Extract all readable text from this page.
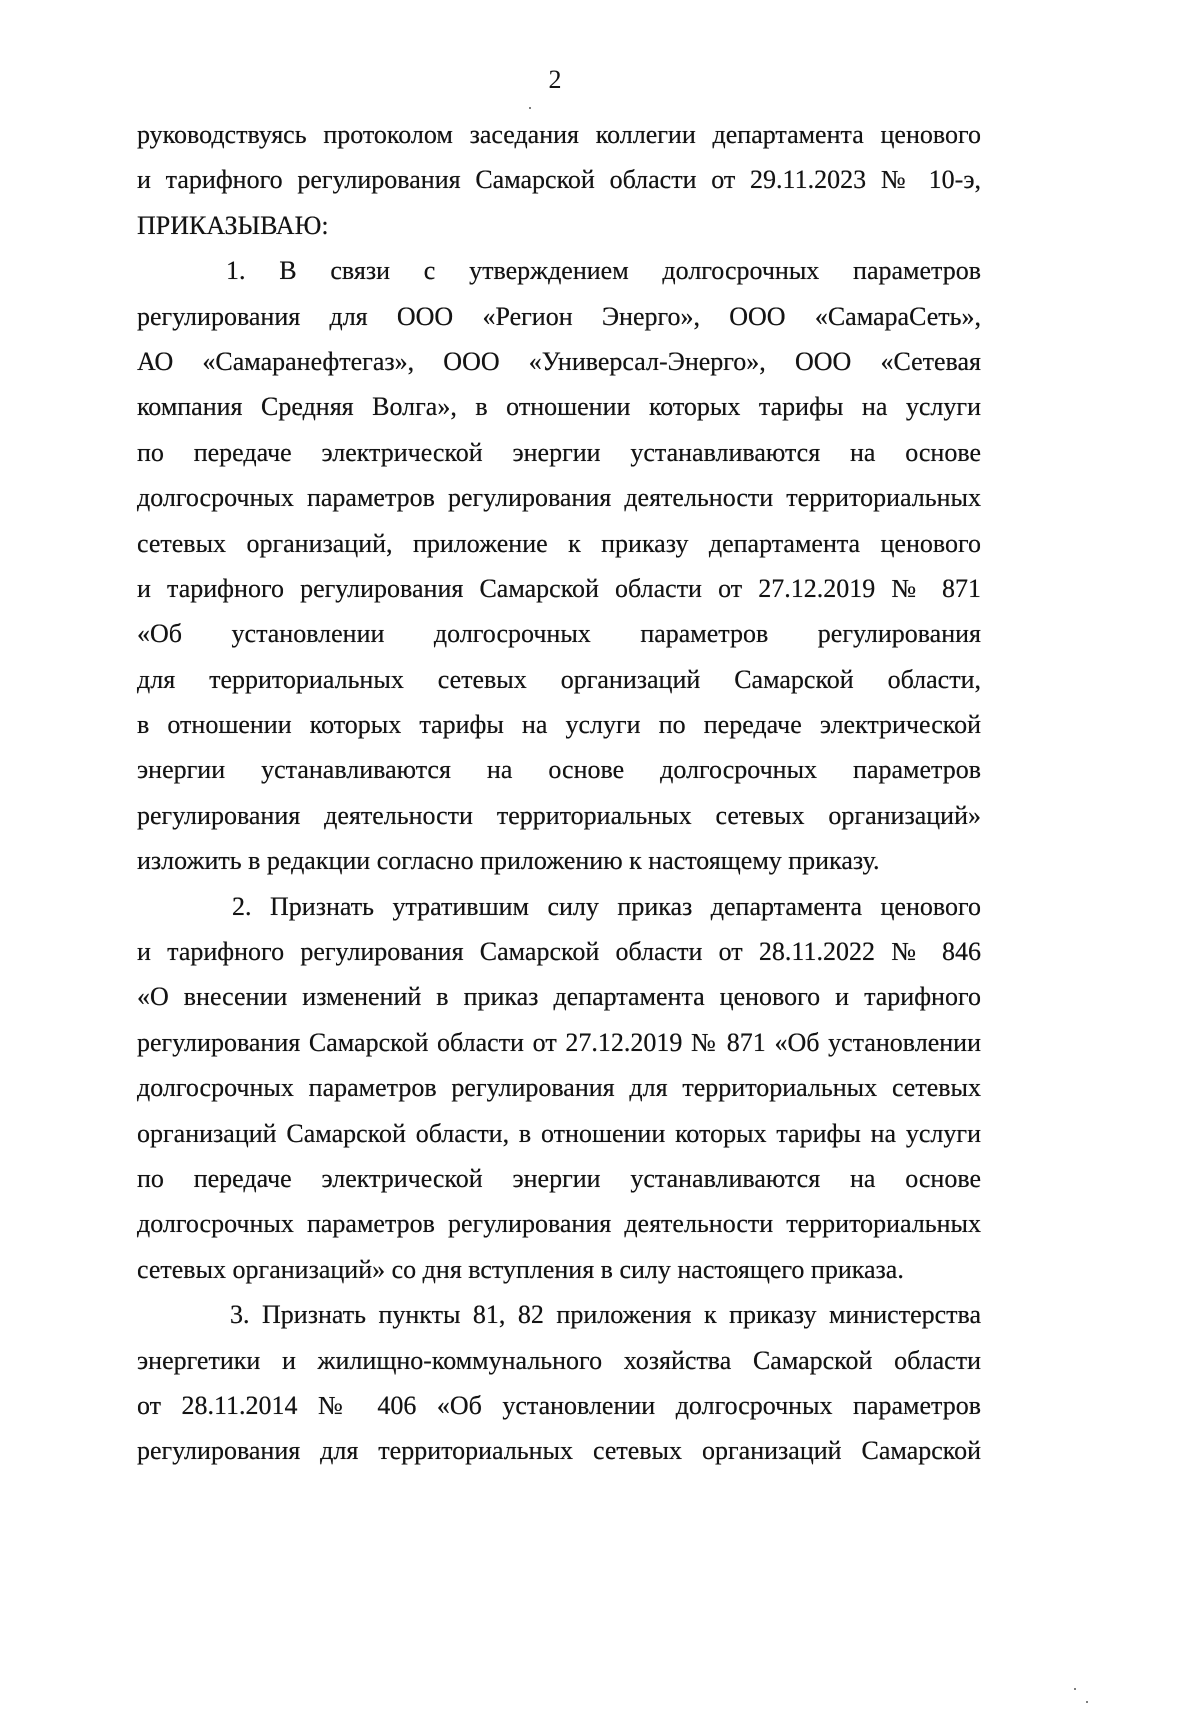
2
руководствуясь протоколом заседания коллегии департамента ценового
и тарифного регулирования Самарской области от 29.11.2023 № 10-э,
ПРИКАЗЫВАЮ:
1. В связи с утверждением долгосрочных параметров
регулирования для ООО «Регион Энерго», ООО «СамараСеть»,
АО «Самаранефтегаз», ООО «Универсал-Энерго», ООО «Сетевая
компания Средняя Волга», в отношении которых тарифы на услуги
по передаче электрической энергии устанавливаются на основе
долгосрочных параметров регулирования деятельности территориальных
сетевых организаций, приложение к приказу департамента ценового
и тарифного регулирования Самарской области от 27.12.2019 № 871
«Об установлении долгосрочных параметров регулирования
для территориальных сетевых организаций Самарской области,
в отношении которых тарифы на услуги по передаче электрической
энергии устанавливаются на основе долгосрочных параметров
регулирования деятельности территориальных сетевых организаций»
изложить в редакции согласно приложению к настоящему приказу.
2. Признать утратившим силу приказ департамента ценового
и тарифного регулирования Самарской области от 28.11.2022 № 846
«О внесении изменений в приказ департамента ценового и тарифного
регулирования Самарской области от 27.12.2019 № 871 «Об установлении
долгосрочных параметров регулирования для территориальных сетевых
организаций Самарской области, в отношении которых тарифы на услуги
по передаче электрической энергии устанавливаются на основе
долгосрочных параметров регулирования деятельности территориальных
сетевых организаций» со дня вступления в силу настоящего приказа.
3. Признать пункты 81, 82 приложения к приказу министерства
энергетики и жилищно-коммунального хозяйства Самарской области
от 28.11.2014 № 406 «Об установлении долгосрочных параметров
регулирования для территориальных сетевых организаций Самарской
